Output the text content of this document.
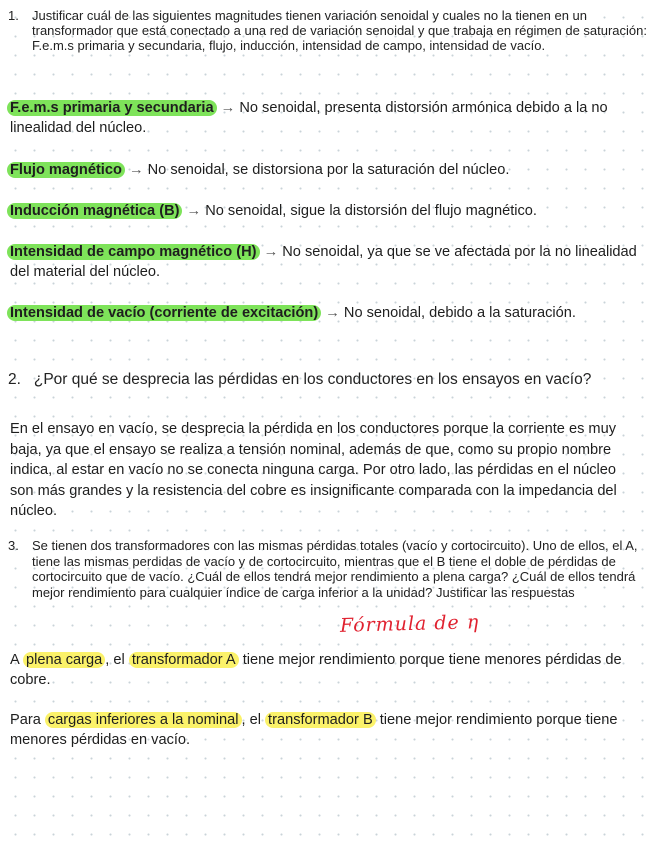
1. Justificar cuál de las siguientes magnitudes tienen variación senoidal y cuales no la tienen en un transformador que está conectado a una red de variación senoidal y que trabaja en régimen de saturación: F.e.m.s primaria y secundaria, flujo, inducción, intensidad de campo, intensidad de vacío.
F.e.m.s primaria y secundaria → No senoidal, presenta distorsión armónica debido a la no linealidad del núcleo.
Flujo magnético → No senoidal, se distorsiona por la saturación del núcleo.
Inducción magnética (B) → No senoidal, sigue la distorsión del flujo magnético.
Intensidad de campo magnético (H) → No senoidal, ya que se ve afectada por la no linealidad del material del núcleo.
Intensidad de vacío (corriente de excitación) → No senoidal, debido a la saturación.
2. ¿Por qué se desprecia las pérdidas en los conductores en los ensayos en vacío?
En el ensayo en vacío, se desprecia la pérdida en los conductores porque la corriente es muy baja, ya que el ensayo se realiza a tensión nominal, además de que, como su propio nombre indica, al estar en vacío no se conecta ninguna carga. Por otro lado, las pérdidas en el núcleo son más grandes y la resistencia del cobre es insignificante comparada con la impedancia del núcleo.
3. Se tienen dos transformadores con las mismas pérdidas totales (vacío y cortocircuito). Uno de ellos, el A, tiene las mismas perdidas de vacío y de cortocircuito, mientras que el B tiene el doble de pérdidas de cortocircuito que de vacío. ¿Cuál de ellos tendrá mejor rendimiento a plena carga? ¿Cuál de ellos tendrá mejor rendimiento para cualquier índice de carga inferior a la unidad? Justificar las respuestas
Fórmula de η
A plena carga , el transformador A tiene mejor rendimiento porque tiene menores pérdidas de cobre.
Para cargas inferiores a la nominal , el transformador B tiene mejor rendimiento porque tiene menores pérdidas en vacío.
